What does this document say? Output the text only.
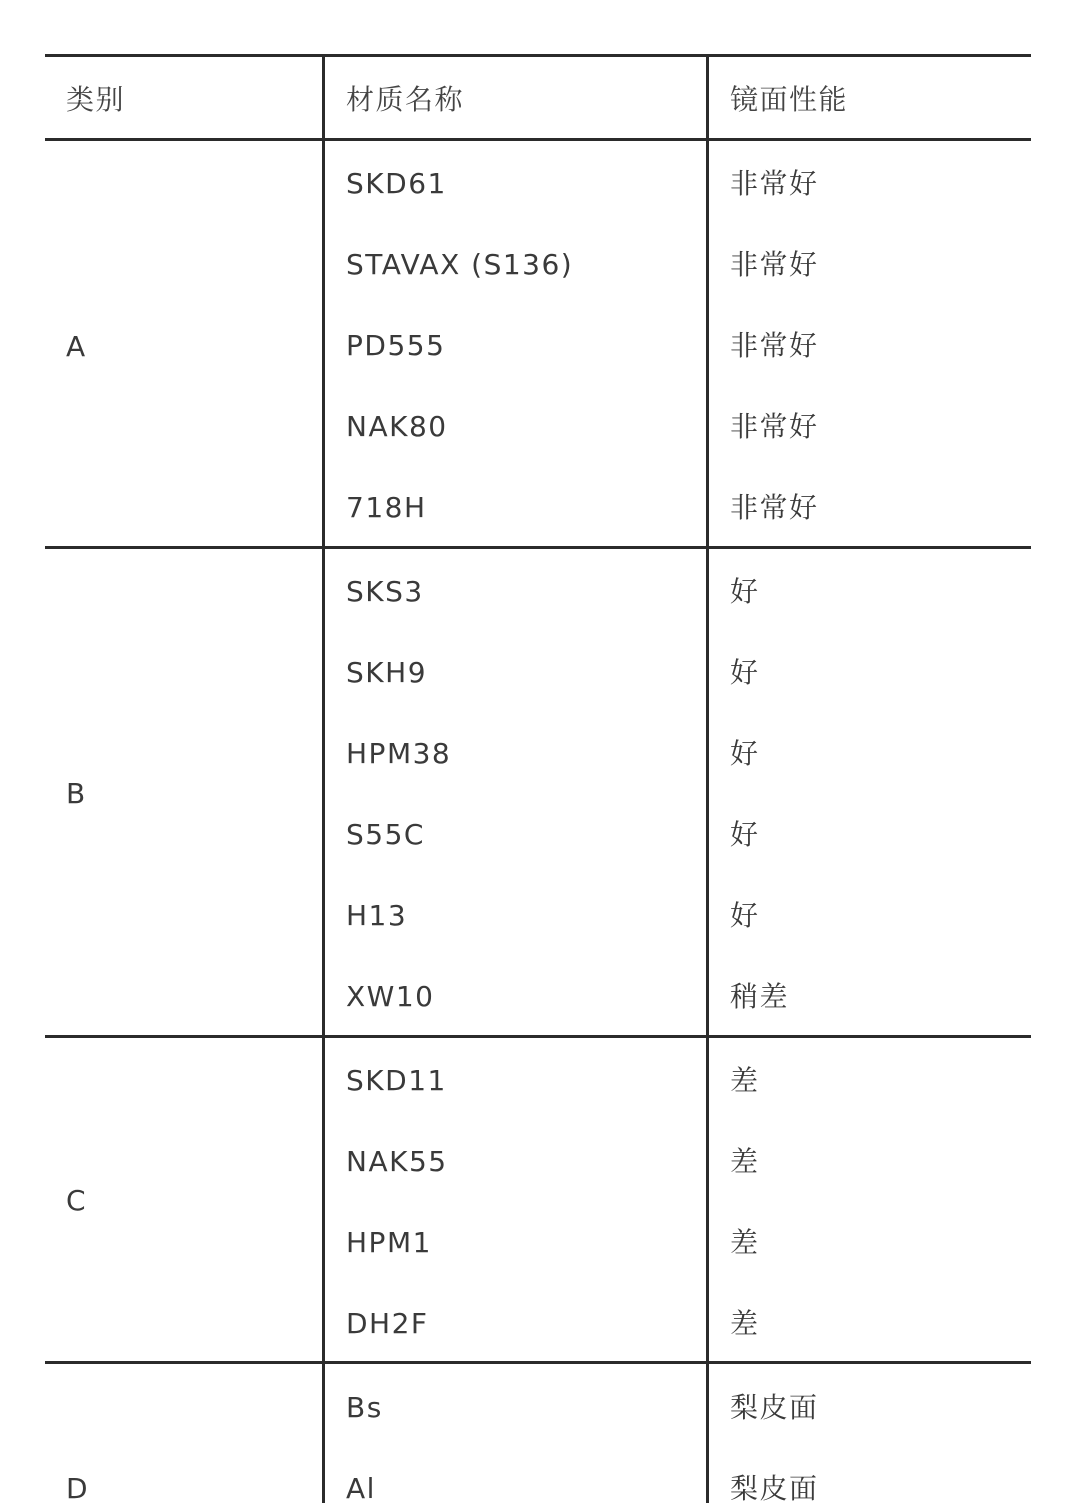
类别	材质名称	镜面性能
A
SKD61	非常好
STAVAX (S136)	非常好
PD555	非常好
NAK80	非常好
718H	非常好
B
SKS3	好
SKH9	好
HPM38	好
S55C	好
H13	好
XW10	稍差
C
SKD11	差
NAK55	差
HPM1	差
DH2F	差
D
Bs	梨皮面
Al	梨皮面
